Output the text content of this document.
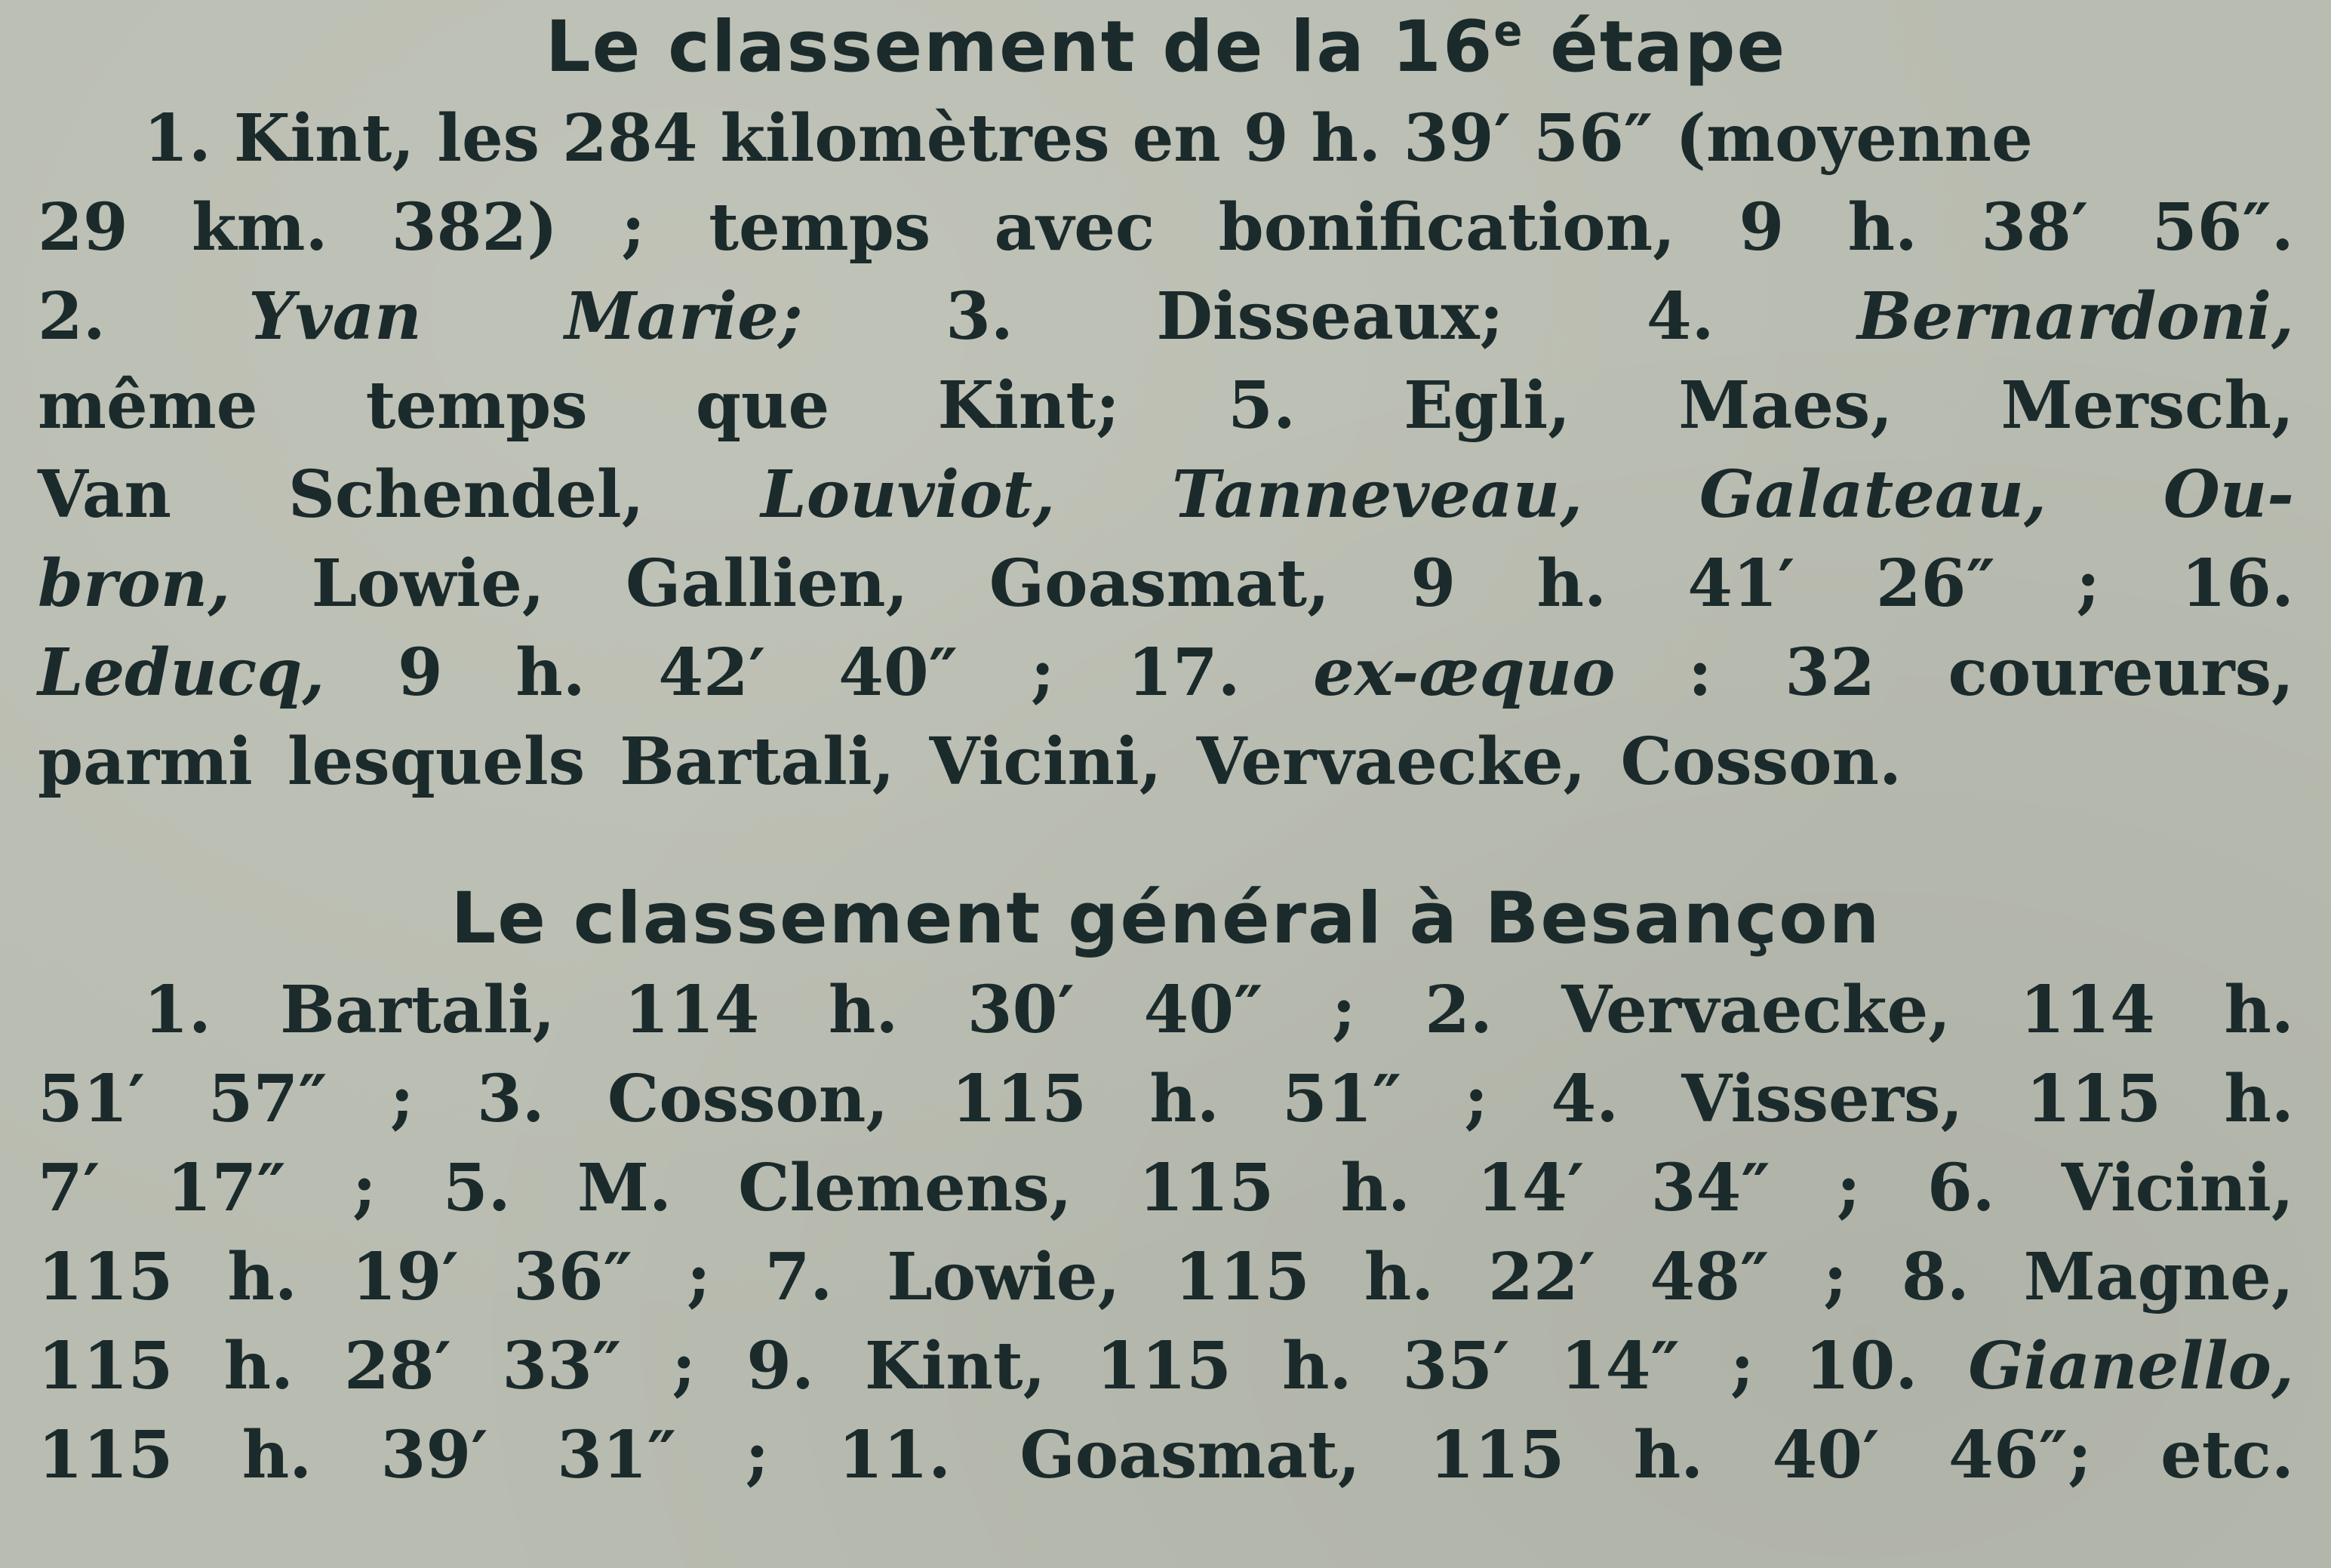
Le classement de la 16e étape
1. Kint, les 284 kilomètres en 9 h. 39′ 56″ (moyenne
29 km. 382) ; temps avec bonification, 9 h. 38′ 56″.
2. Yvan Marie; 3. Disseaux; 4. Bernardoni,
même temps que Kint; 5. Egli, Maes, Mersch,
Van Schendel, Louviot, Tanneveau, Galateau, Ou-
bron, Lowie, Gallien, Goasmat, 9 h. 41′ 26″ ; 16.
Leducq, 9 h. 42′ 40″ ; 17. ex-æquo : 32 coureurs,
parmi lesquels Bartali, Vicini, Vervaecke, Cosson.
Le classement général à Besançon
1. Bartali, 114 h. 30′ 40″ ; 2. Vervaecke, 114 h.
51′ 57″ ; 3. Cosson, 115 h. 51″ ; 4. Vissers, 115 h.
7′ 17″ ; 5. M. Clemens, 115 h. 14′ 34″ ; 6. Vicini,
115 h. 19′ 36″ ; 7. Lowie, 115 h. 22′ 48″ ; 8. Magne,
115 h. 28′ 33″ ; 9. Kint, 115 h. 35′ 14″ ; 10. Gianello,
115 h. 39′ 31″ ; 11. Goasmat, 115 h. 40′ 46″; etc.
